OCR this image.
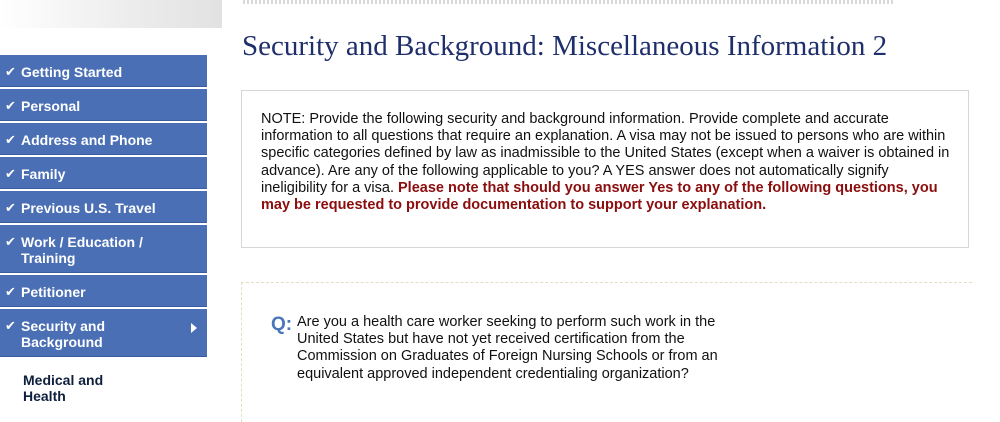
✔ Getting Started
✔ Personal
✔ Address and Phone
✔ Family
✔ Previous U.S. Travel
✔ Work / Education / Training
✔ Petitioner
✔ Security and Background
Medical and Health
Security and Background: Miscellaneous Information 2
NOTE: Provide the following security and background information. Provide complete and accurate information to all questions that require an explanation. A visa may not be issued to persons who are within specific categories defined by law as inadmissible to the United States (except when a waiver is obtained in advance). Are any of the following applicable to you? A YES answer does not automatically signify ineligibility for a visa. Please note that should you answer Yes to any of the following questions, you may be requested to provide documentation to support your explanation.
Q: Are you a health care worker seeking to perform such work in the United States but have not yet received certification from the Commission on Graduates of Foreign Nursing Schools or from an equivalent approved independent credentialing organization?
